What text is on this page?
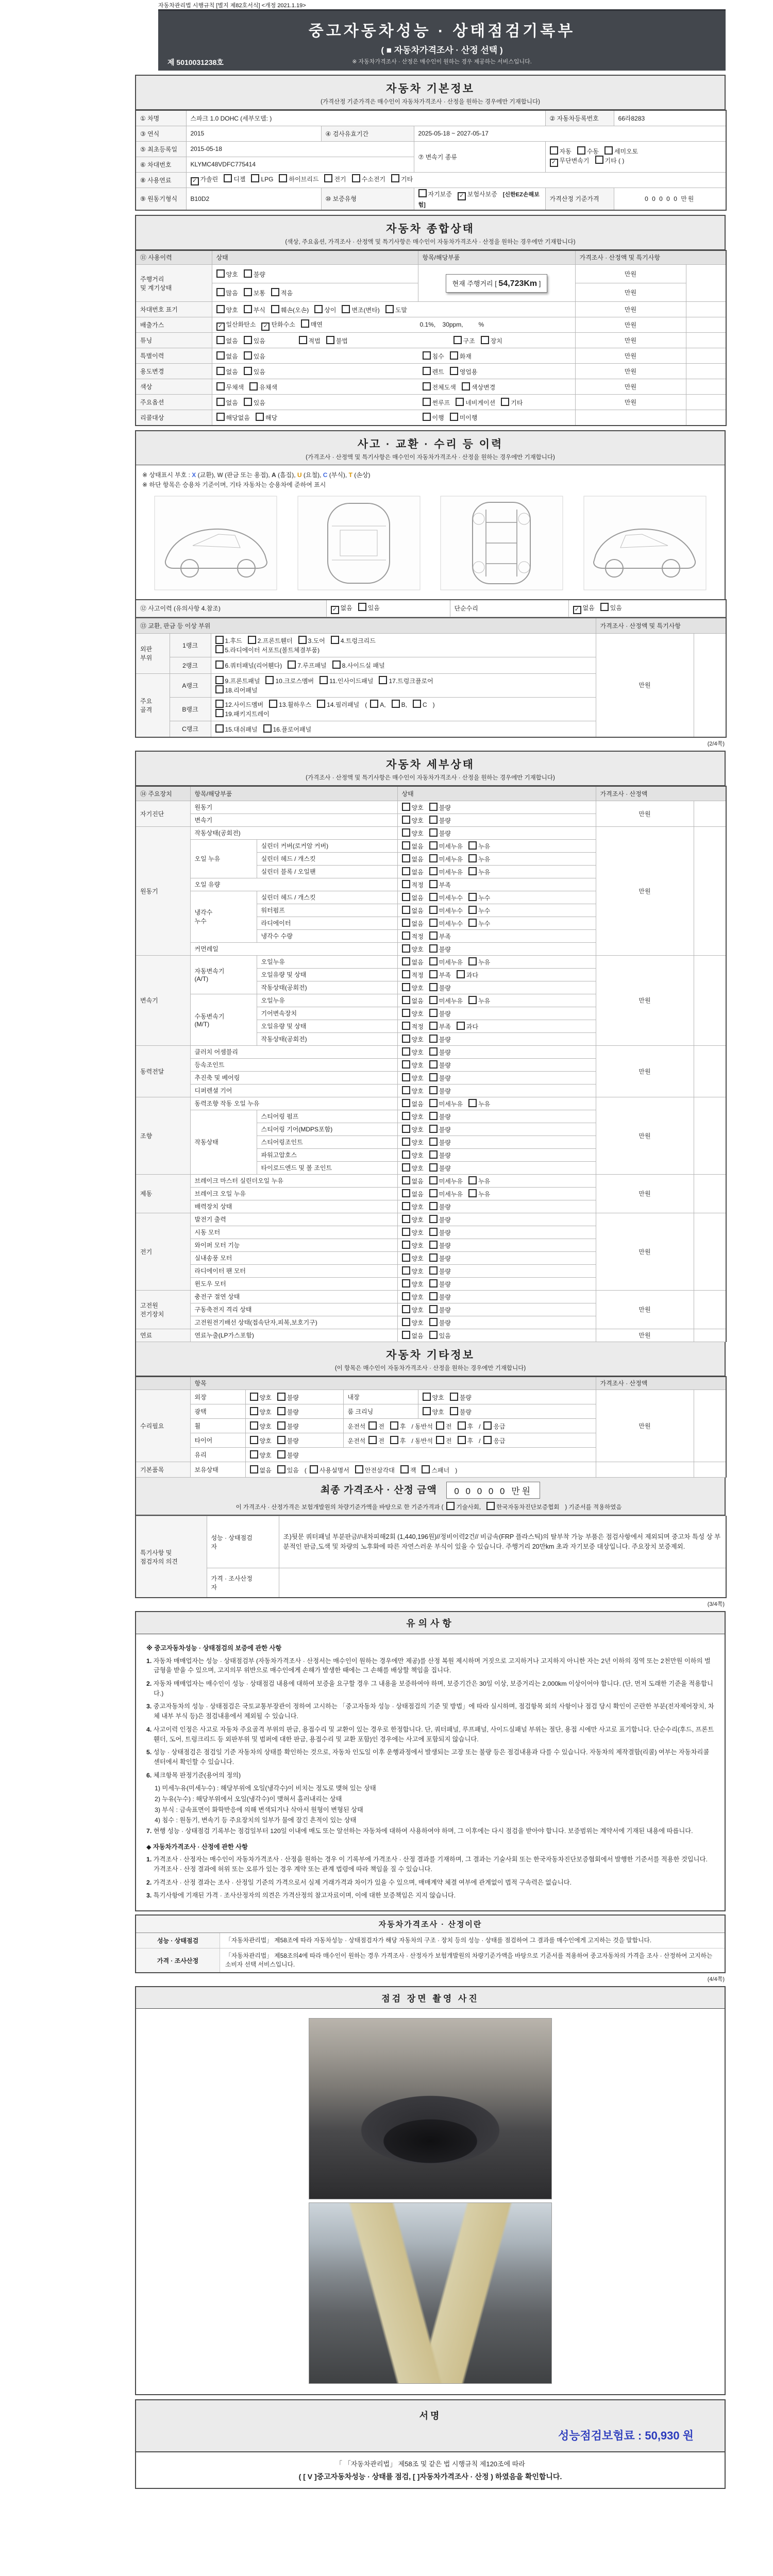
자동차관리법 시행규칙 [별지 제82호서식] <개정 2021.1.19>
중고자동차성능 · 상태점검기록부
( ■ 자동차가격조사 · 산정 선택 )
※ 자동차가격조사 · 산정은 매수인이 원하는 경우 제공하는 서비스입니다.
제 5010031238호
자동차 기본정보
(가격산정 기준가격은 매수인이 자동차가격조사 · 산정을 원하는 경우에만 기재합니다)
① 차명	스파크 1.0 DOHC (세부모델: )			② 자동차등록번호	66라8283
③ 연식	2015	④ 검사유효기간	2025-05-18 ~ 2027-05-17		
⑤ 최초등록일	2015-05-18		⑦ 변속기 종류	자동 수동 세미오토
✓ 무단변속기 기타 ( )	
⑥ 차대번호	KLYMC48VDFC775414				
⑧ 사용연료	✓ 가솔린 디젤 LPG 하이브리드 전기 수소전기 기타				
⑨ 원동기형식	B10D2	⑩ 보증유형	자기보증 ✓ 보험사보증 [신한EZ손해보험]	가격산정 기준가격	0 0 0 0 0 만원
자동차 종합상태
(색상, 주요옵션, 가격조사 · 산정액 및 특기사항은 매수인이 자동차가격조사 · 산정을 원하는 경우에만 기재합니다)
⑪ 사용이력	상태	항목/해당부품	가격조사 · 산정액 및 특기사항	
주행거리
및 계기상태	양호 불량	현재 주행거리 [ 54,723Km ]	만원	
	많음 보통 적음		만원	
차대번호 표기	양호 부식 훼손(오손) 상이 변조(변타) 도말		만원	
배출가스	✓ 일산화탄소 ✓ 탄화수소 매연 0.1%,    30ppm,         %		만원	
튜닝	없음 있음 적법 불법 구조 장치		만원	
특별이력	없음 있음 침수 화재		만원	
용도변경	없음 있음 렌트 영업용		만원	
색상	무채색 유채색 전체도색 색상변경		만원	
주요옵션	없음 있음 썬루프 네비게이션 기타		만원	
리콜대상	해당없음 해당 이행 미이행			
사고 · 교환 · 수리 등 이력
(가격조사 · 산정액 및 특기사항은 매수인이 자동차가격조사 · 산정을 원하는 경우에만 기재합니다)
※ 상태표시 부호 : X (교환), W (판금 또는 용접), A (흠집), U (요철), C (부식), T (손상)
※ 하단 항목은 승용차 기준이며, 기타 자동차는 승용차에 준하여 표시
⑫ 사고이력 (유의사항 4.참조)	✓ 없음	있음	단순수리	✓ 없음	있음
⑬ 교환, 판금 등 이상 부위			가격조사 · 산정액 및 특기사항	
외판
부위	1랭크	
1.후드	2.프론트휀더	3.도어	4.트렁크리드
5.라디에이터 서포트(볼트체결부품)
	만원	
	2랭크	6.쿼터패널(리어휀다) 7.루프패널 8.사이드실 패널		

주요
골격	A랭크	
9.프론트패널	10.크로스멤버	11.인사이드패널	17.트렁크플로어
18.리어패널

	B랭크	12.사이드멤버 13.휠하우스 14.필러패널 ( A, B, C )
19.패키지트레이		

	C랭크	15.대쉬패널 16.플로어패널		
(2/4쪽)
자동차 세부상태
(가격조사 · 산정액 및 특기사항은 매수인이 자동차가격조사 · 산정을 원하는 경우에만 기재합니다)
⑭ 주요장치	항목/해당부품		상태	가격조사 · 산정액	
자기진단	원동기		양호 불량	만원	
	변속기		양호 불량		
원동기	작동상태(공회전)		양호 불량	만원	
	오일 누유	실린더 커버(로커암 커버)	없음 미세누유 누유		
		실린더 헤드 / 개스킷	없음 미세누유 누유		
		실린더 블록 / 오일팬	없음 미세누유 누유		
	오일 유량		적정 부족		
	냉각수
누수	실린더 헤드 / 개스킷	없음 미세누수 누수		
		워터펌프	없음 미세누수 누수		
		라디에이터	없음 미세누수 누수		
		냉각수 수량	적정 부족		
	커먼레일		양호 불량		
변속기	자동변속기
(A/T)	오일누유	없음 미세누유 누유	만원	
		오일유량 및 상태	적정 부족 과다		
		작동상태(공회전)	양호 불량		
	수동변속기
(M/T)	오일누유	없음 미세누유 누유		
		기어변속장치	양호 불량		
		오일유량 및 상태	적정 부족 과다		
		작동상태(공회전)	양호 불량		
동력전달	클러치 어셈블리		양호 불량	만원	
	등속조인트		양호 불량		
	추진축 및 베어링		양호 불량		
	디퍼렌셜 기어		양호 불량		
조향	동력조향 작동 오일 누유		없음 미세누유 누유	만원	
	작동상태	스티어링 펌프	양호 불량		
		스티어링 기어(MDPS포함)	양호 불량		
		스티어링조인트	양호 불량		
		파워고압호스	양호 불량		
		타이로드엔드 및 볼 조인트	양호 불량		
제동	브레이크 마스터 실린더오일 누유		없음 미세누유 누유	만원	
	브레이크 오일 누유		없음 미세누유 누유		
	배력장치 상태		양호 불량		
전기	발전기 출력		양호 불량	만원	
	시동 모터		양호 불량		
	와이퍼 모터 기능		양호 불량		
	실내송풍 모터		양호 불량		
	라디에이터 팬 모터		양호 불량		
	윈도우 모터		양호 불량		
고전원
전기장치	충전구 절연 상태		양호 불량	만원	
	구동축전지 격리 상태		양호 불량		
	고전원전기배선 상태(접속단자,피복,보호기구)		양호 불량		
연료	연료누출(LP가스포함)		없음 있음	만원	
자동차 기타정보
(이 항목은 매수인이 자동차가격조사 · 산정을 원하는 경우에만 기재합니다)
	항목				가격조사 · 산정액	
수리필요	외장	양호 불량	내장	양호 불량	만원	
	광택	양호 불량	룸 크리닝	양호 불량		
	휠	양호 불량	운전석 전 후 / 동반석 전 후 / 응급			
	타이어	양호 불량	운전석 전 후 / 동반석 전 후 / 응급			
	유리	양호 불량				
기본품목	보유상태	없음 있음 ( 사용설명서 안전삼각대 잭 스패너 )				
최종 가격조사 · 산정 금액 0 0 0 0 0 만원
이 가격조사 · 산정가격은 보험개발원의 차량기준가액을 바탕으로 한 기준가격과 ( 기술사회,	한국자동차진단보증협회 ) 기준서를 적용하였음
특기사항 및
점검자의 의견	성능 · 상태점검
자	조)뒷문 쿼터패널 부분판금//내차피해2회 (1,440,196원)//정비이력2건// 비금속(FRP 플라스틱)의 탈부착 가능 부품은 점검사항에서 제외되며 중고차 특성 상 부분적인 판금,도색 및 차량의 노후화에 따른 자연스러운 부식이 있을 수 있습니다. 주행거리 20만km 초과 자기보증 대상입니다. 주요장치 보증제외.
	가격 · 조사산정
자	
(3/4쪽)
유의사항
※ 중고자동차성능 · 상태점검의 보증에 관한 사항
1. 자동차 매매업자는 성능 · 상태점검부 (자동차가격조사 · 산정서는 매수인이 원하는 경우에만 제공)를 산정 복원 제시하며 거짓으로 고지하거나 고지하지 아니한 자는 2년 이하의 징역 또는 2천만원 이하의 벌금형을 받을 수 있으며, 고지의무 위반으로 매수인에게 손해가 발생한 때에는 그 손해를 배상할 책임을 집니다.
2. 자동차 매매업자는 매수인이 성능 · 상태점검 내용에 대하여 보증을 요구할 경우 그 내용을 보증하여야 하며, 보증기간은 30일 이상, 보증거리는 2,000km 이상이어야 합니다. (단, 먼저 도래한 기준을 적용합니다.)
3. 중고자동차의 성능 · 상태점검은 국토교통부장관이 정하여 고시하는 「중고자동차 성능 · 상태점검의 기준 및 방법」에 따라 실시하며, 점검항목 외의 사항이나 점검 당시 확인이 곤란한 부분(전자제어장치, 차체 내부 부식 등)은 점검내용에서 제외될 수 있습니다.
4. 사고이력 인정은 사고로 자동차 주요골격 부위의 판금, 용접수리 및 교환이 있는 경우로 한정합니다. 단, 쿼터패널, 루프패널, 사이드실패널 부위는 절단, 용접 시에만 사고로 표기합니다. 단순수리(후드, 프론트휀더, 도어, 트렁크리드 등 외판부위 및 범퍼에 대한 판금, 용접수리 및 교환 포함)인 경우에는 사고에 포함되지 않습니다.
5. 성능 · 상태점검은 점검일 기준 자동차의 상태를 확인하는 것으로, 자동차 인도일 이후 운행과정에서 발생되는 고장 또는 불량 등은 점검내용과 다를 수 있습니다. 자동차의 제작결함(리콜) 여부는 자동차리콜센터에서 확인할 수 있습니다.
6. 체크항목 판정기준(용어의 정의)
1) 미세누유(미세누수) : 해당부위에 오일(냉각수)이 비치는 정도로 맺혀 있는 상태
2) 누유(누수) : 해당부위에서 오일(냉각수)이 맺혀서 흘러내리는 상태
3) 부식 : 금속표면이 화학반응에 의해 변색되거나 삭아서 원형이 변형된 상태
4) 침수 : 원동기, 변속기 등 주요장치의 일부가 물에 잠긴 흔적이 있는 상태
7. 현행 성능 · 상태점검 기록부는 점검일부터 120일 이내에 매도 또는 알선하는 자동차에 대하여 사용하여야 하며, 그 이후에는 다시 점검을 받아야 합니다. 보증범위는 계약서에 기재된 내용에 따릅니다.
◆ 자동차가격조사 · 산정에 관한 사항
1. 가격조사 · 산정자는 매수인이 자동차가격조사 · 산정을 원하는 경우 이 기록부에 가격조사 · 산정 결과를 기재하며, 그 결과는 기술사회 또는 한국자동차진단보증협회에서 발행한 기준서를 적용한 것입니다. 가격조사 · 산정 결과에 허위 또는 오류가 있는 경우 계약 또는 관계 법령에 따라 책임을 질 수 있습니다.
2. 가격조사 · 산정 결과는 조사 · 산정일 기준의 가격으로서 실제 거래가격과 차이가 있을 수 있으며, 매매계약 체결 여부에 관계없이 법적 구속력은 없습니다.
3. 특기사항에 기재된 가격 · 조사산정자의 의견은 가격산정의 참고자료이며, 이에 대한 보증책임은 지지 않습니다.
자동차가격조사 · 산정이란
성능 · 상태점검	「자동차관리법」 제58조에 따라 자동차성능 · 상태점검자가 해당 자동차의 구조 · 장치 등의 성능 · 상태를 점검하여 그 결과를 매수인에게 고지하는 것을 말합니다.
가격 · 조사산정
「자동차관리법」 제58조의4에 따라 매수인이 원하는 경우 가격조사 · 산정자가 보험개발원의 차량기준가액을 바탕으로 기준서를 적용하여 중고자동차의 가격을 조사 · 산정하여 고지하는 소비자 선택 서비스입니다.
(4/4쪽)
점검 장면 촬영 사진
서명
성능점검보험료 : 50,930 원
「 「자동차관리법」 제58조 및 같은 법 시행규칙 제120조에 따라
( [ V ]중고자동차성능 · 상태를 점검, [ ]자동차가격조사 · 산정 ) 하였음을 확인합니다.
